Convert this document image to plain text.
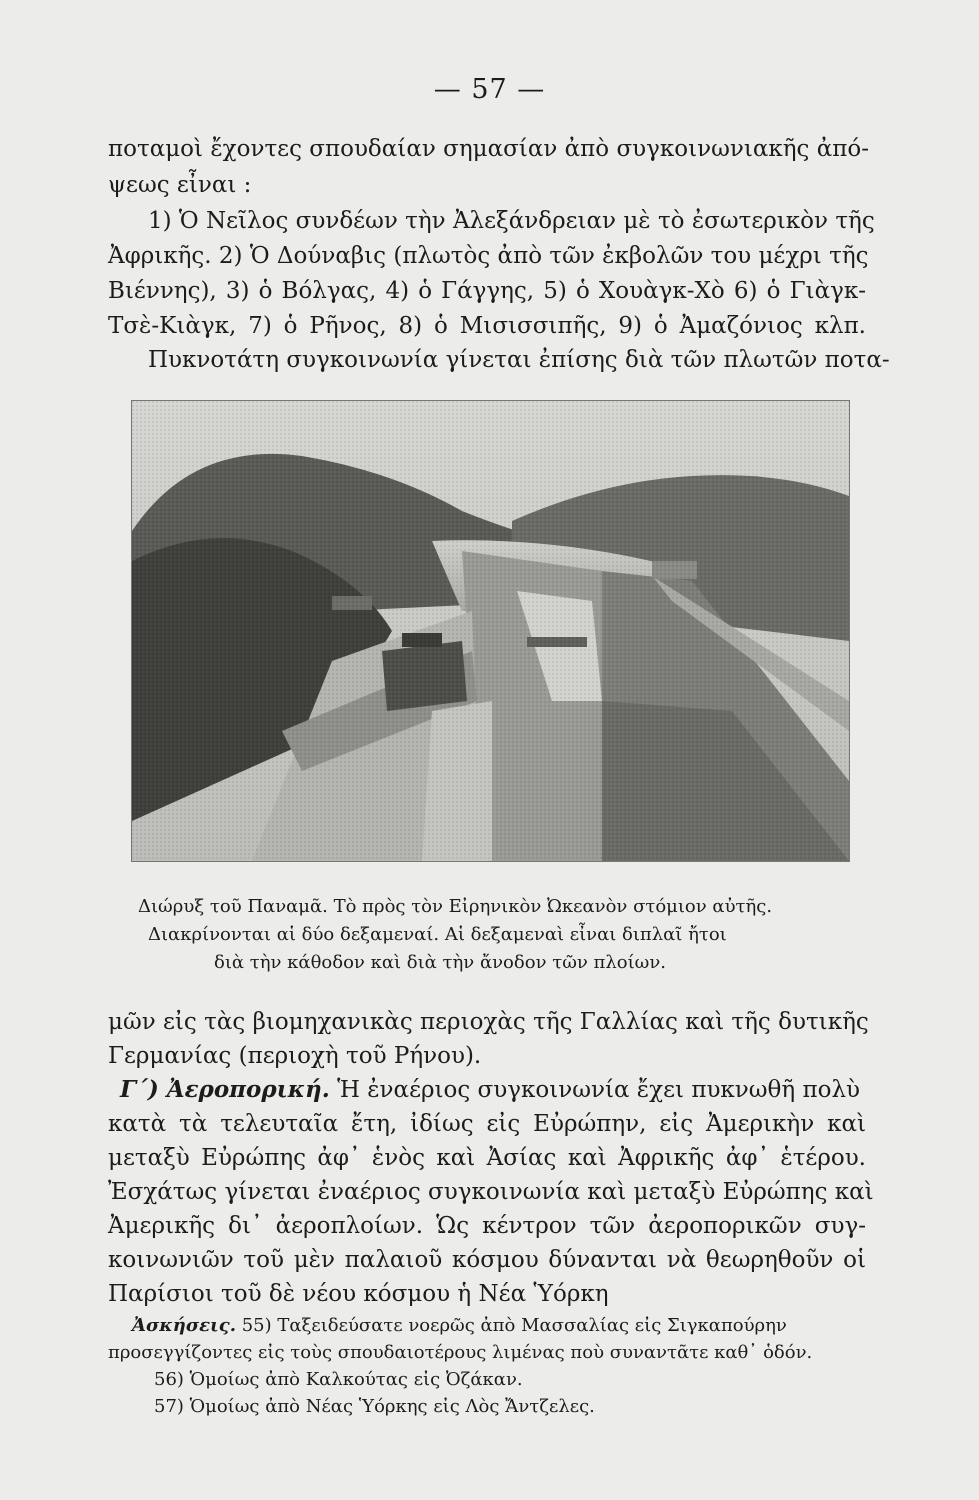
— 57 —
ποταμοὶ ἔχοντες σπουδαίαν σημασίαν ἀπὸ συγκοινωνιακῆς ἀπό-
ψεως εἶναι :
1) Ὁ Νεῖλος συνδέων τὴν Ἀλεξάνδρειαν μὲ τὸ ἐσωτερικὸν τῆς
Ἀφρικῆς. 2) Ὁ Δούναβις (πλωτὸς ἀπὸ τῶν ἐκβολῶν του μέχρι τῆς
Βιέννης), 3) ὁ Βόλγας, 4) ὁ Γάγγης, 5) ὁ Χουὰγκ-Χὸ 6) ὁ Γιὰγκ-
Τσὲ-Κιὰγκ, 7) ὁ Ρῆνος, 8) ὁ Μισισσιπῆς, 9) ὁ Ἀμαζόνιος κλπ.
Πυκνοτάτη συγκοινωνία γίνεται ἐπίσης διὰ τῶν πλωτῶν ποτα-
Διώρυξ τοῦ Παναμᾶ. Τὸ πρὸς τὸν Εἰρηνικὸν Ὠκεανὸν στόμιον αὐτῆς.
Διακρίνονται αἱ δύο δεξαμεναί. Αἱ δεξαμεναὶ εἶναι διπλαῖ ἤτοι
διὰ τὴν κάθοδον καὶ διὰ τὴν ἄνοδον τῶν πλοίων.
μῶν εἰς τὰς βιομηχανικὰς περιοχὰς τῆς Γαλλίας καὶ τῆς δυτικῆς
Γερμανίας (περιοχὴ τοῦ Ρήνου).
Γ΄) Ἀεροπορική. Ἡ ἐναέριος συγκοινωνία ἔχει πυκνωθῆ πολὺ
κατὰ τὰ τελευταῖα ἔτη, ἰδίως εἰς Εὐρώπην, εἰς Ἀμερικὴν καὶ
μεταξὺ Εὐρώπης ἀφ᾽ ἑνὸς καὶ Ἀσίας καὶ Ἀφρικῆς ἀφ᾽ ἑτέρου.
Ἐσχάτως γίνεται ἐναέριος συγκοινωνία καὶ μεταξὺ Εὐρώπης καὶ
Ἀμερικῆς δι᾽ ἀεροπλοίων. Ὡς κέντρον τῶν ἀεροπορικῶν συγ-
κοινωνιῶν τοῦ μὲν παλαιοῦ κόσμου δύνανται νὰ θεωρηθοῦν οἱ
Παρίσιοι τοῦ δὲ νέου κόσμου ἡ Νέα Ὑόρκη
Ἀσκήσεις. 55) Ταξειδεύσατε νοερῶς ἀπὸ Μασσαλίας εἰς Σιγκαπούρην
προσεγγίζοντες εἰς τοὺς σπουδαιοτέρους λιμένας ποὺ συναντᾶτε καθ᾽ ὁδόν.
56) Ὁμοίως ἀπὸ Καλκούτας εἰς Ὀζάκαν.
57) Ὁμοίως ἀπὸ Νέας Ὑόρκης εἰς Λὸς Ἄντζελες.
